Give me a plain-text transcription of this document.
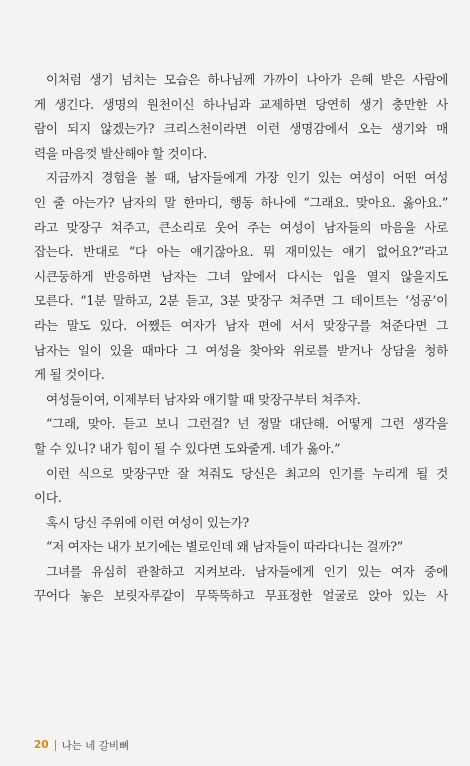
이처럼 생기 넘치는 모습은 하나님께 가까이 나아가 은혜 받은 사람에
게 생긴다. 생명의 원천이신 하나님과 교제하면 당연히 생기 충만한 사
람이 되지 않겠는가? 크리스천이라면 이런 생명감에서 오는 생기와 매
력을 마음껏 발산해야 할 것이다.
지금까지 경험을 볼 때, 남자들에게 가장 인기 있는 여성이 어떤 여성
인 줄 아는가? 남자의 말 한마디, 행동 하나에 “그래요. 맞아요. 옳아요.”
라고 맞장구 쳐주고, 큰소리로 웃어 주는 여성이 남자들의 마음을 사로
잡는다. 반대로 “다 아는 얘기잖아요. 뭐 재미있는 얘기 없어요?”라고
시큰둥하게 반응하면 남자는 그녀 앞에서 다시는 입을 열지 않을지도
모른다. “1분 말하고, 2분 듣고, 3분 맞장구 쳐주면 그 데이트는 ‘성공’이
라는 말도 있다. 어쨌든 여자가 남자 편에 서서 맞장구를 쳐준다면 그
남자는 일이 있을 때마다 그 여성을 찾아와 위로를 받거나 상담을 청하
게 될 것이다.
여성들이여, 이제부터 남자와 얘기할 때 맞장구부터 쳐주자.
“그래, 맞아. 듣고 보니 그런걸? 넌 정말 대단해. 어떻게 그런 생각을
할 수 있니? 내가 힘이 될 수 있다면 도와줄게. 네가 옳아.”
이런 식으로 맞장구만 잘 쳐줘도 당신은 최고의 인기를 누리게 될 것
이다.
혹시 당신 주위에 이런 여성이 있는가?
“저 여자는 내가 보기에는 별로인데 왜 남자들이 따라다니는 걸까?”
그녀를 유심히 관찰하고 지켜보라. 남자들에게 인기 있는 여자 중에
꾸어다 놓은 보릿자루같이 무뚝뚝하고 무표정한 얼굴로 앉아 있는 사
20 나는 네 갈비뼈
